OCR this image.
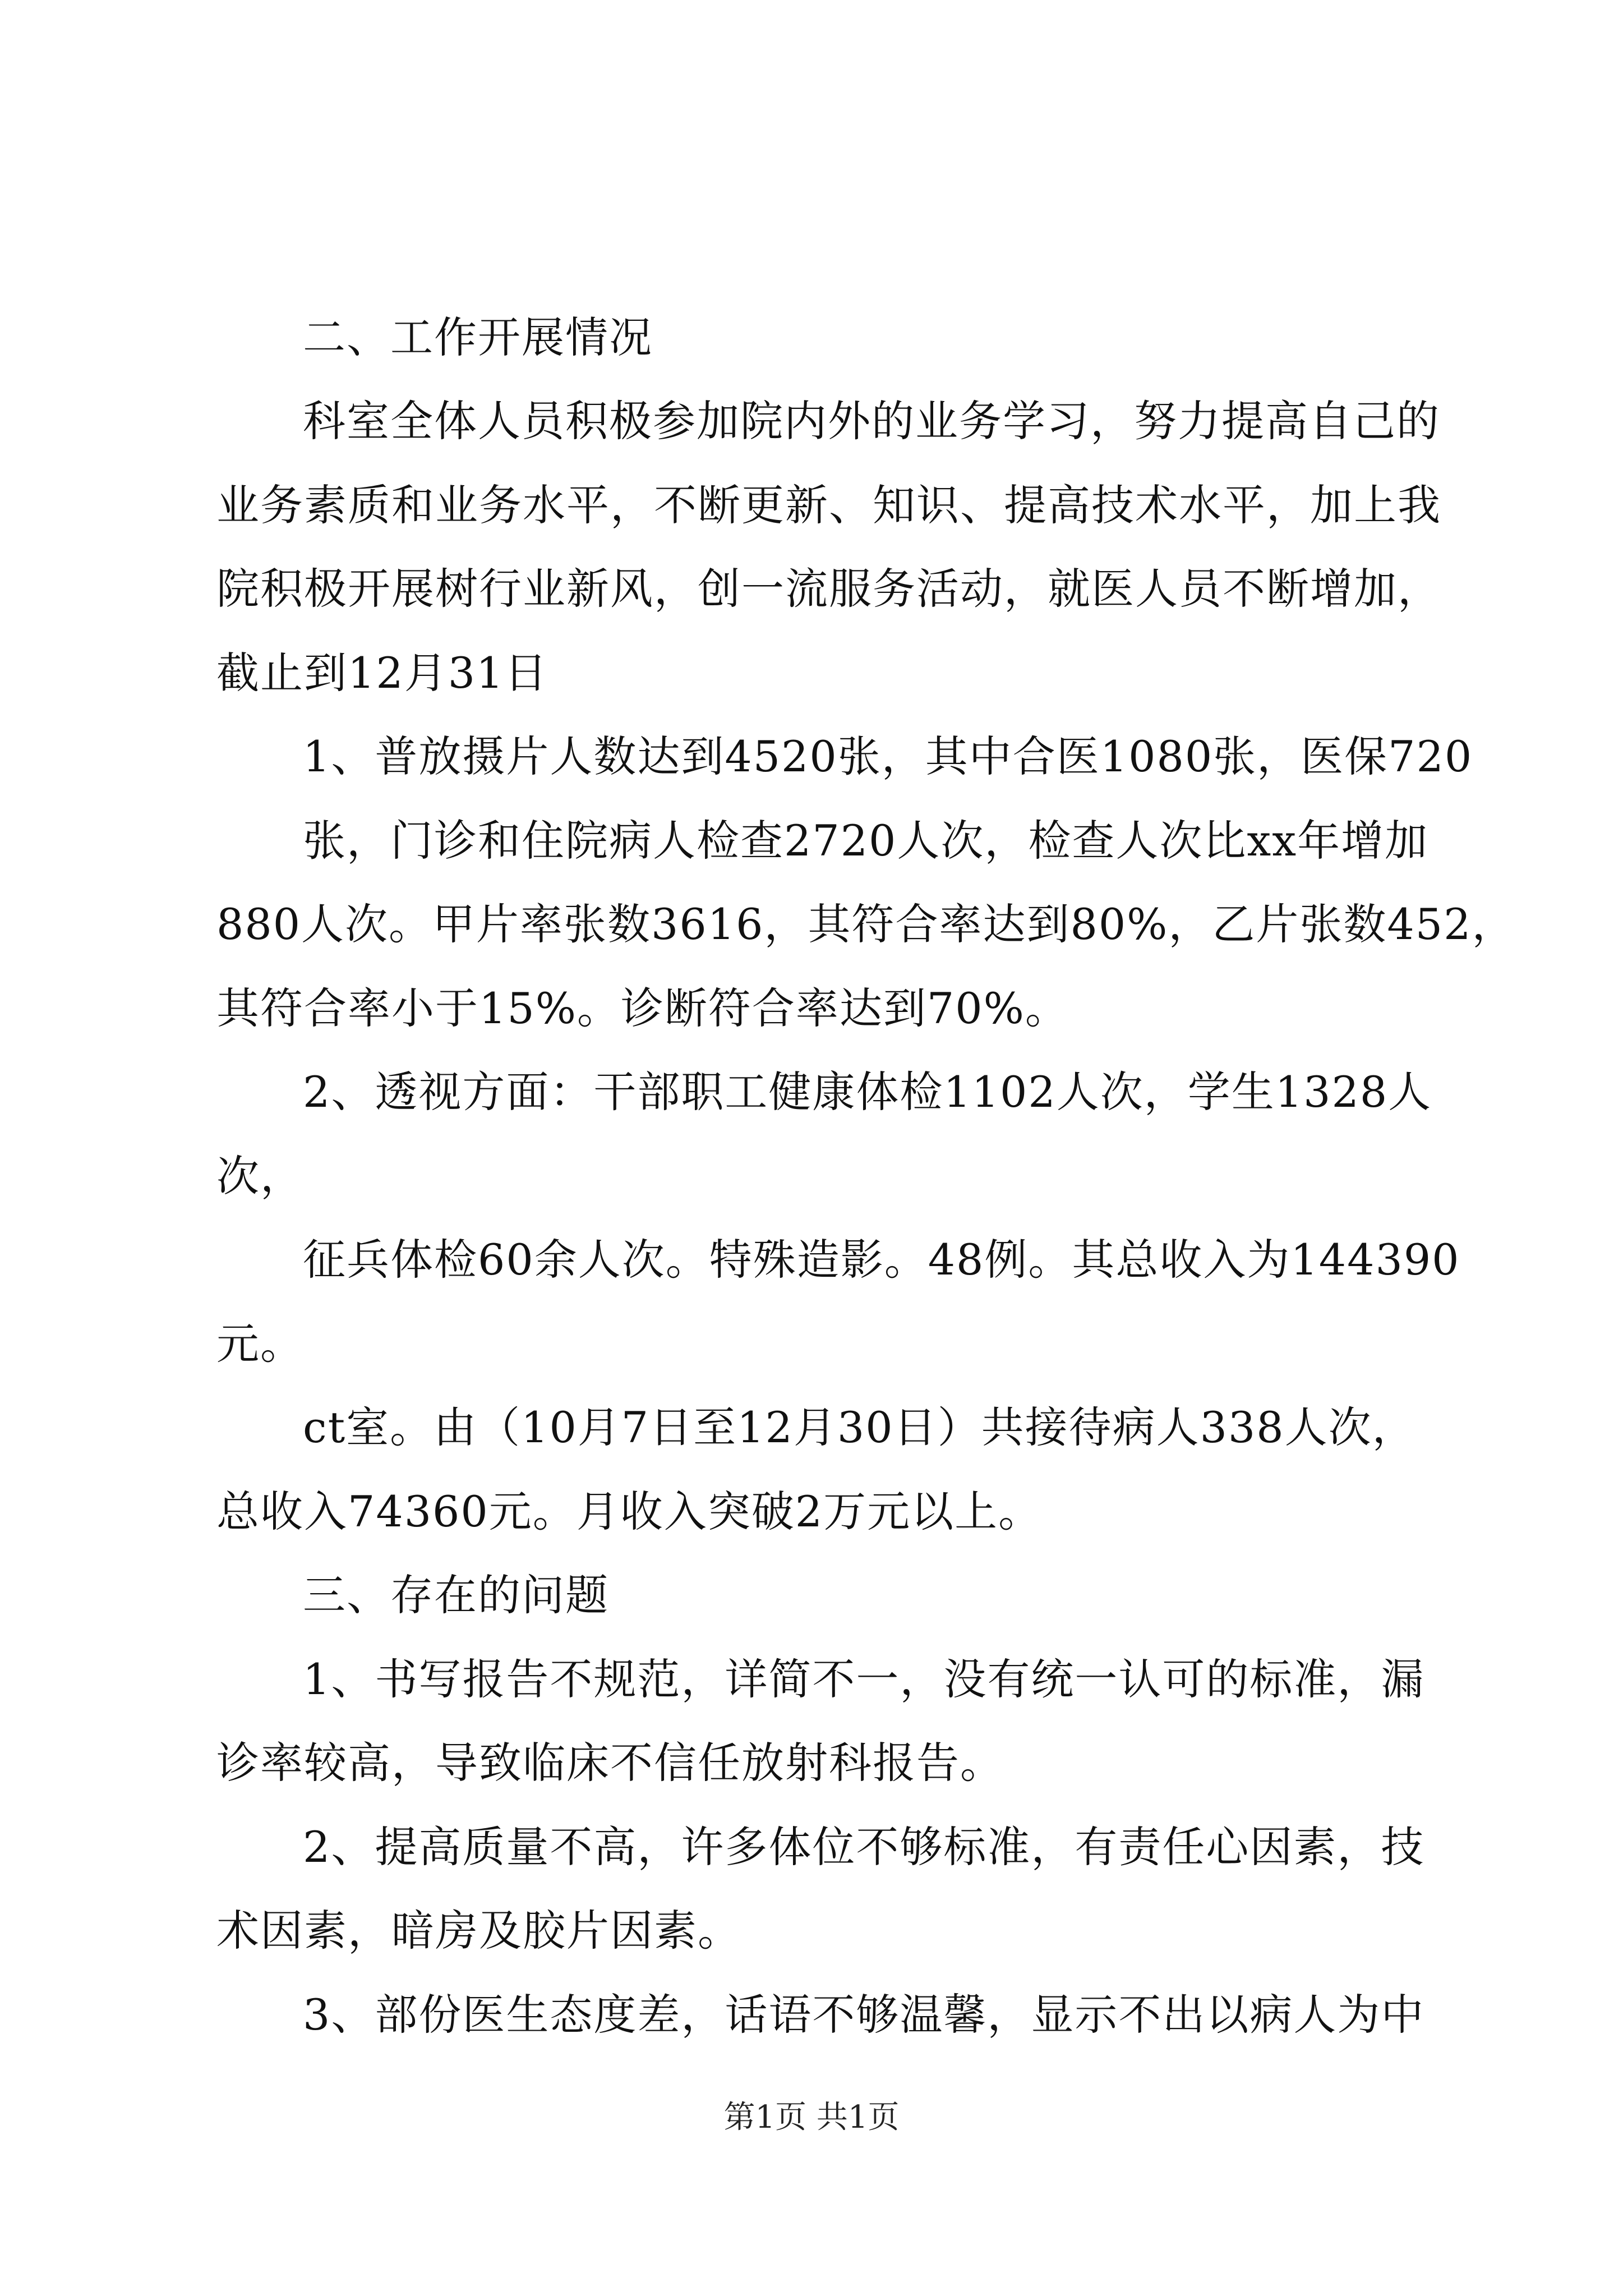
二、工作开展情况
科室全体人员积极参加院内外的业务学习，努力提高自己的
业务素质和业务水平，不断更新、知识、提高技术水平，加上我
院积极开展树行业新风，创一流服务活动，就医人员不断增加，
截止到12月31日
1、普放摄片人数达到4520张，其中合医1080张，医保720
张，门诊和住院病人检查2720人次，检查人次比xx年增加
880人次。甲片率张数3616，其符合率达到80%，乙片张数452，
其符合率小于15%。诊断符合率达到70%。
2、透视方面：干部职工健康体检1102人次，学生1328人
次，
征兵体检60余人次。特殊造影。48例。其总收入为144390
元。
ct室。由（10月7日至12月30日）共接待病人338人次，
总收入74360元。月收入突破2万元以上。
三、存在的问题
1、书写报告不规范，详简不一，没有统一认可的标准，漏
诊率较高，导致临床不信任放射科报告。
2、提高质量不高，许多体位不够标准，有责任心因素，技
术因素，暗房及胶片因素。
3、部份医生态度差，话语不够温馨，显示不出以病人为中
第1页 共1页
